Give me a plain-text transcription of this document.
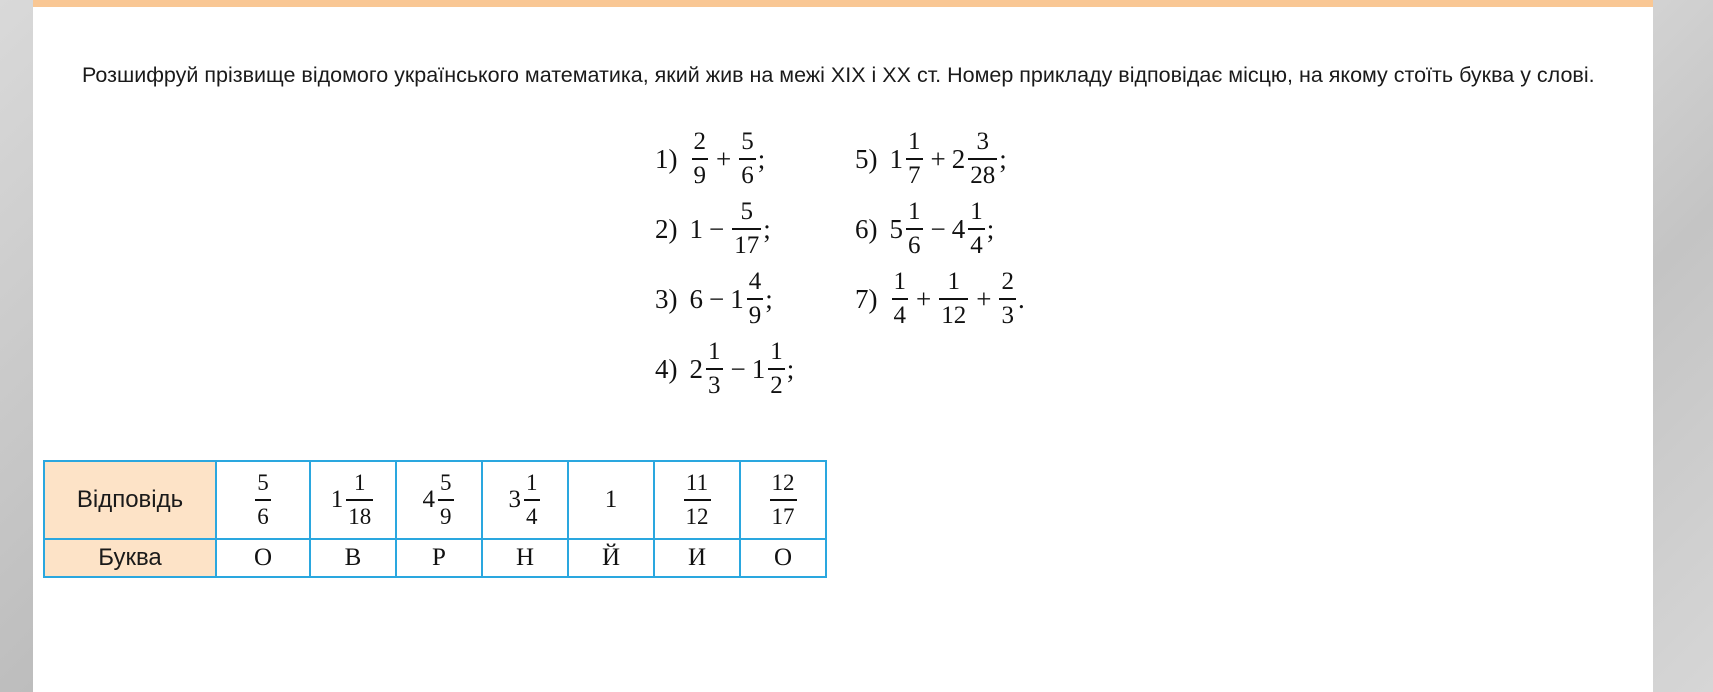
Розшифруй прізвище відомого українського математика, який жив на межі XIX і XX ст. Номер прикладу відповідає місцю, на якому стоїть буква у слові.
$1) \frac{2}{9} + \frac{5}{6}$ ;
2) $1 - \frac{5}{17}$ ;
3) $6 - 1 \frac{4}{9}$ ;
4) $2 \frac{1}{3} - 1 \frac{1}{2}$ ;
5) $1 \frac{1}{7} + 2 \frac{3}{28}$ ;
6) $5 \frac{1}{6} - 4 \frac{1}{4}$ ;
$7) \frac{1}{4} + \frac{1}{12} + \frac{2}{3}$ .
Відповідь	$\frac{5}{6}$	$1 \frac{1}{18}$	$4 \frac{5}{9}$	$3 \frac{1}{4}$	1	$\frac{11}{12}$	$\frac{12}{17}$

Буква	О	В	Р	Н	Й	И	О
